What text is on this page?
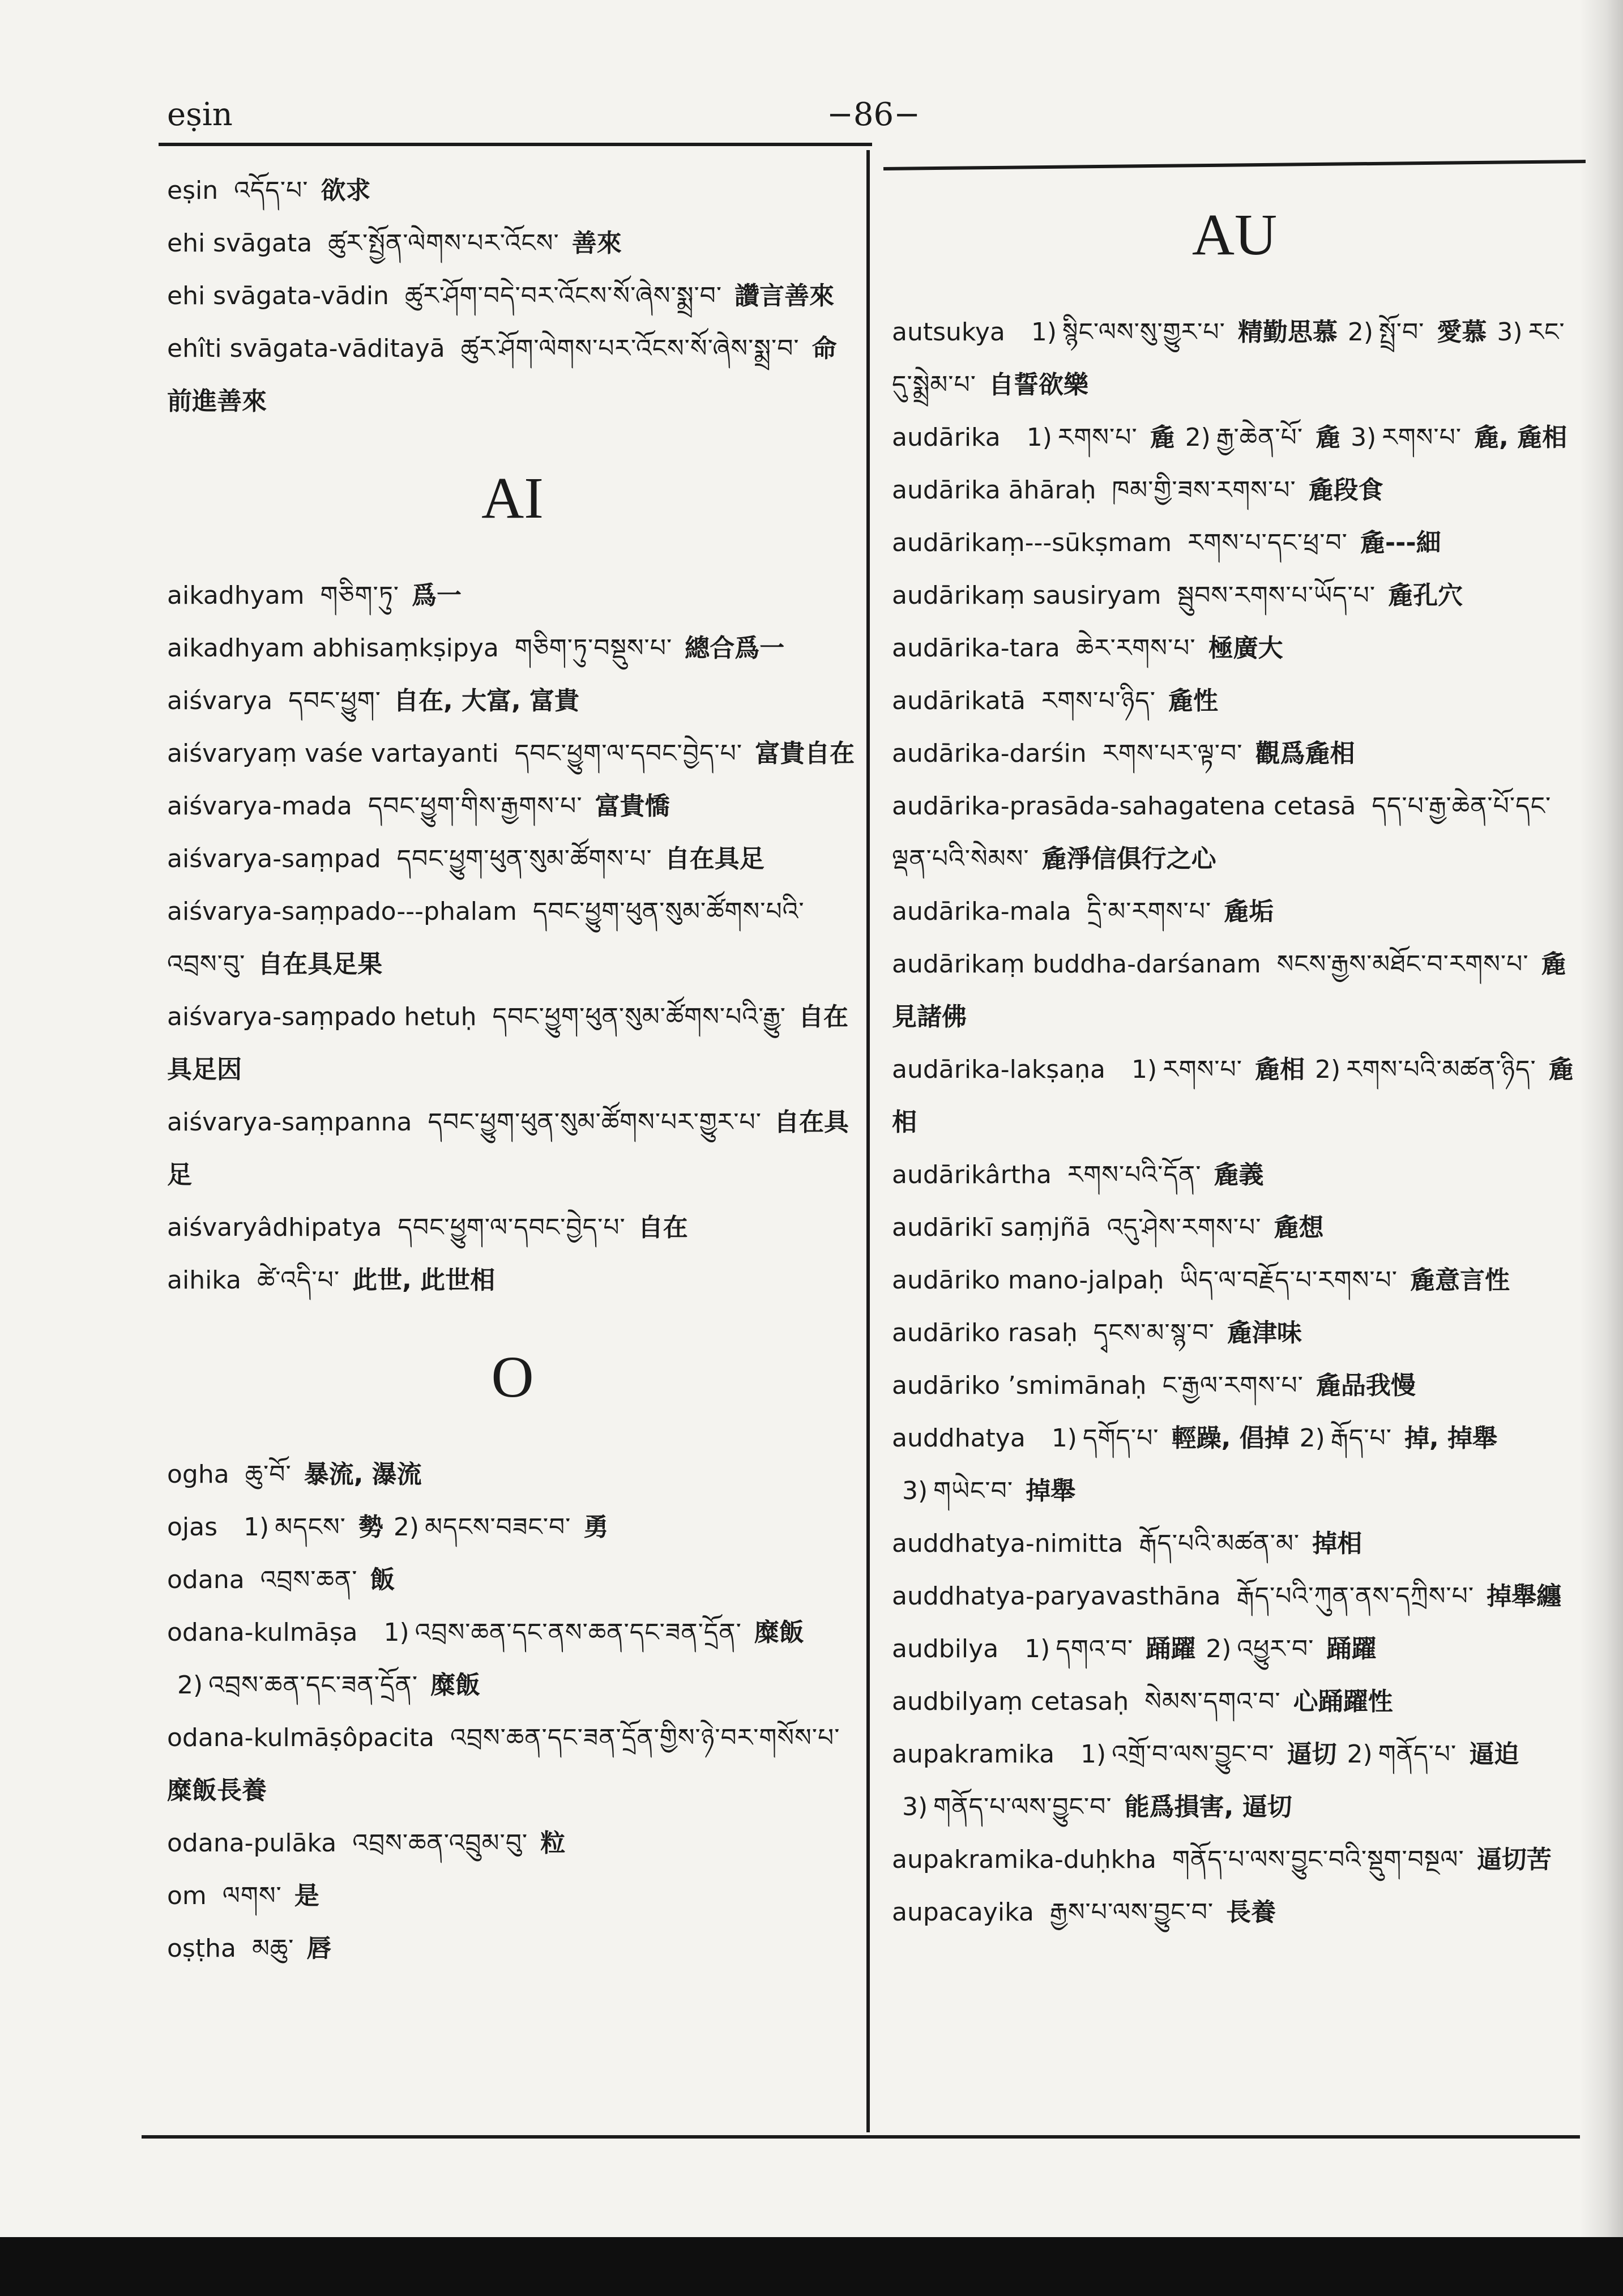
eṣin	−86−
eṣin འདོད་པ་ 欲求
ehi svāgata ཚུར་སྤྱོན་ལེགས་པར་འོངས་ 善來
ehi svāgata-vādin ཚུར་ཤོག་བདེ་བར་འོངས་སོ་ཞེས་སྨྲ་བ་ 讚言善來
ehîti svāgata-vāditayā ཚུར་ཤོག་ལེགས་པར་འོངས་སོ་ཞེས་སྨྲ་བ་ 命前進善來
AI
aikadhyam གཅིག་ཏུ་ 爲一
aikadhyam abhisaṃkṣipya གཅིག་ཏུ་བསྡུས་པ་ 總合爲一
aiśvarya དབང་ཕྱུག་ 自在, 大富, 富貴
aiśvaryaṃ vaśe vartayanti དབང་ཕྱུག་ལ་དབང་བྱེད་པ་ 富貴自在
aiśvarya-mada དབང་ཕྱུག་གིས་རྒྱགས་པ་ 富貴憍
aiśvarya-saṃpad དབང་ཕྱུག་ཕུན་སུམ་ཚོགས་པ་ 自在具足
aiśvarya-saṃpado---phalam དབང་ཕྱུག་ཕུན་སུམ་ཚོགས་པའི་འབྲས་བུ་ 自在具足果
aiśvarya-saṃpado hetuḥ དབང་ཕྱུག་ཕུན་སུམ་ཚོགས་པའི་རྒྱུ་ 自在具足因
aiśvarya-saṃpanna དབང་ཕྱུག་ཕུན་སུམ་ཚོགས་པར་གྱུར་པ་ 自在具足
aiśvaryâdhipatya དབང་ཕྱུག་ལ་དབང་བྱེད་པ་ 自在
aihika ཚེ་འདི་པ་ 此世, 此世相
O
ogha ཆུ་བོ་ 暴流, 瀑流
ojas 1) མདངས་ 勢 2) མདངས་བཟང་བ་ 勇
odana འབྲས་ཆན་ 飯
odana-kulmāṣa 1) འབྲས་ཆན་དང་ནས་ཆན་དང་ཟན་དྲོན་ 糜飯2) འབྲས་ཆན་དང་ཟན་དྲོན་ 糜飯
odana-kulmāṣôpacita འབྲས་ཆན་དང་ཟན་དྲོན་གྱིས་ཉེ་བར་གསོས་པ་糜飯長養
odana-pulāka འབྲས་ཆན་འབྲུམ་བུ་ 粒
om ལགས་ 是
oṣṭha མཆུ་ 唇
AU
autsukya 1) སྙིང་ལས་སུ་གྱུར་པ་ 精勤思慕 2) སྤྲོ་བ་ 愛慕 3) རང་དུ་སྨྲེམ་པ་ 自誓欲樂
audārika 1) རགས་པ་ 麁 2) རྒྱ་ཆེན་པོ་ 麁 3) རགས་པ་ 麁, 麁相
audārika āhāraḥ ཁམ་གྱི་ཟས་རགས་པ་ 麁段食
audārikaṃ---sūkṣmam རགས་པ་དང་ཕྲ་བ་ 麁---細
audārikaṃ sausiryam སྦུབས་རགས་པ་ཡོད་པ་ 麁孔穴
audārika-tara ཆེར་རགས་པ་ 極廣大
audārikatā རགས་པ་ཉིད་ 麁性
audārika-darśin རགས་པར་ལྟ་བ་ 觀爲麁相
audārika-prasāda-sahagatena cetasā དད་པ་རྒྱ་ཆེན་པོ་དང་ལྡན་པའི་སེམས་ 麁淨信俱行之心
audārika-mala དྲི་མ་རགས་པ་ 麁垢
audārikaṃ buddha-darśanam སངས་རྒྱས་མཐོང་བ་རགས་པ་ 麁見諸佛
audārika-lakṣaṇa 1) རགས་པ་ 麁相 2) རགས་པའི་མཚན་ཉིད་ 麁相
audārikârtha རགས་པའི་དོན་ 麁義
audārikī saṃjñā འདུ་ཤེས་རགས་པ་ 麁想
audāriko mano-jalpaḥ ཡིད་ལ་བརྗོད་པ་རགས་པ་ 麁意言性
audāriko rasaḥ དྭངས་མ་སྙ་བ་ 麁津味
audāriko ’smimānaḥ ང་རྒྱལ་རགས་པ་ 麁品我慢
auddhatya 1) དགོད་པ་ 輕躁, 倡掉 2) རྒོད་པ་ 掉, 掉舉3) གཡེང་བ་ 掉舉
auddhatya-nimitta རྒོད་པའི་མཚན་མ་ 掉相
auddhatya-paryavasthāna རྒོད་པའི་ཀུན་ནས་དཀྲིས་པ་ 掉舉纏
audbilya 1) དགའ་བ་ 踊躍 2) འཕྱུར་བ་ 踊躍
audbilyaṃ cetasaḥ སེམས་དགའ་བ་ 心踊躍性
aupakramika 1) འགྲོ་བ་ལས་བྱུང་བ་ 逼切 2) གནོད་པ་ 逼迫3) གནོད་པ་ལས་བྱུང་བ་ 能爲損害, 逼切
aupakramika-duḥkha གནོད་པ་ལས་བྱུང་བའི་སྡུག་བསྔལ་ 逼切苦
aupacayika རྒྱས་པ་ལས་བྱུང་བ་ 長養
